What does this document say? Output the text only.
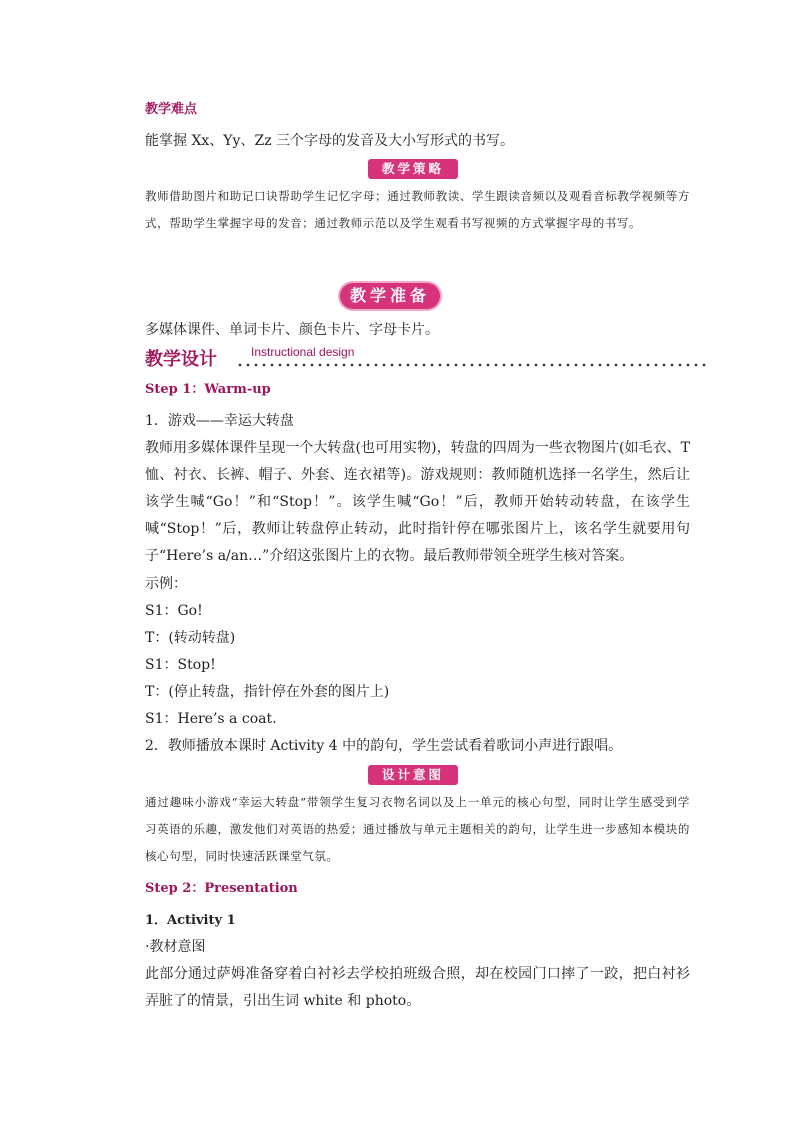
教学难点
能掌握 Xx、Yy、Zz 三个字母的发音及大小写形式的书写。
教学策略
教师借助图片和助记口诀帮助学生记忆字母；通过教师教读、学生跟读音频以及观看音标教学视频等方式，帮助学生掌握字母的发音；通过教师示范以及学生观看书写视频的方式掌握字母的书写。
教学准备
多媒体课件、单词卡片、颜色卡片、字母卡片。
教学设计	Instructional design
Step 1：Warm-up
1．游戏——幸运大转盘
教师用多媒体课件呈现一个大转盘(也可用实物)，转盘的四周为一些衣物图片(如毛衣、T恤、衬衣、长裤、帽子、外套、连衣裙等)。游戏规则：教师随机选择一名学生，然后让该学生喊“Go！”和“Stop！”。该学生喊“Go！”后，教师开始转动转盘，在该学生喊“Stop！”后，教师让转盘停止转动，此时指针停在哪张图片上，该名学生就要用句子“Here’s a/an…”介绍这张图片上的衣物。最后教师带领全班学生核对答案。
示例：
S1：Go!
T：(转动转盘)
S1：Stop!
T：(停止转盘，指针停在外套的图片上)
S1：Here’s a coat.
2．教师播放本课时 Activity 4 中的韵句，学生尝试看着歌词小声进行跟唱。
设计意图
通过趣味小游戏“幸运大转盘”带领学生复习衣物名词以及上一单元的核心句型，同时让学生感受到学习英语的乐趣，激发他们对英语的热爱；通过播放与单元主题相关的韵句，让学生进一步感知本模块的核心句型，同时快速活跃课堂气氛。
Step 2：Presentation
1．Activity 1
·教材意图
此部分通过萨姆准备穿着白衬衫去学校拍班级合照，却在校园门口摔了一跤，把白衬衫弄脏了的情景，引出生词 white 和 photo。
